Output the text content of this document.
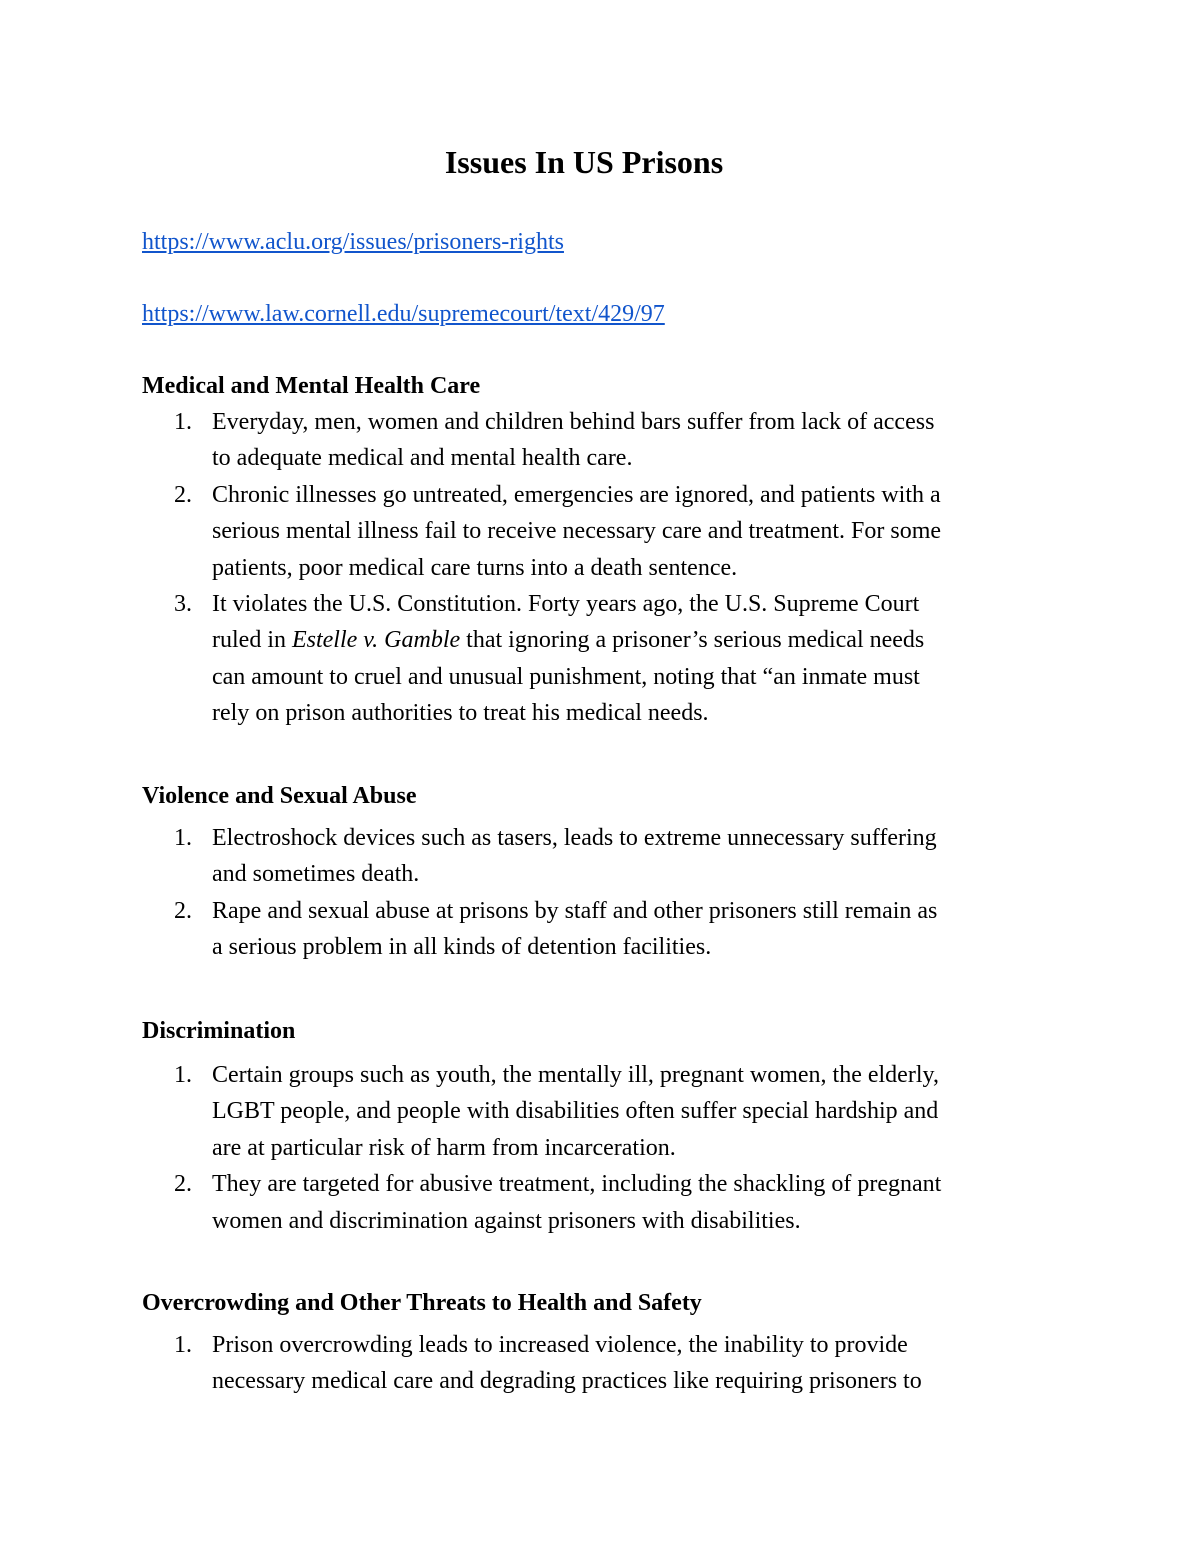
Issues In US Prisons
https://www.aclu.org/issues/prisoners-rights
https://www.law.cornell.edu/supremecourt/text/429/97
Medical and Mental Health Care
1. Everyday, men, women and children behind bars suffer from lack of access
to adequate medical and mental health care.
2. Chronic illnesses go untreated, emergencies are ignored, and patients with a
serious mental illness fail to receive necessary care and treatment. For some
patients, poor medical care turns into a death sentence.
3. It violates the U.S. Constitution. Forty years ago, the U.S. Supreme Court
ruled in Estelle v. Gamble that ignoring a prisoner’s serious medical needs
can amount to cruel and unusual punishment, noting that “an inmate must
rely on prison authorities to treat his medical needs.
Violence and Sexual Abuse
1. Electroshock devices such as tasers, leads to extreme unnecessary suffering
and sometimes death.
2. Rape and sexual abuse at prisons by staff and other prisoners still remain as
a serious problem in all kinds of detention facilities.
Discrimination
1. Certain groups such as youth, the mentally ill, pregnant women, the elderly,
LGBT people, and people with disabilities often suffer special hardship and
are at particular risk of harm from incarceration.
2. They are targeted for abusive treatment, including the shackling of pregnant
women and discrimination against prisoners with disabilities.
Overcrowding and Other Threats to Health and Safety
1. Prison overcrowding leads to increased violence, the inability to provide
necessary medical care and degrading practices like requiring prisoners to
